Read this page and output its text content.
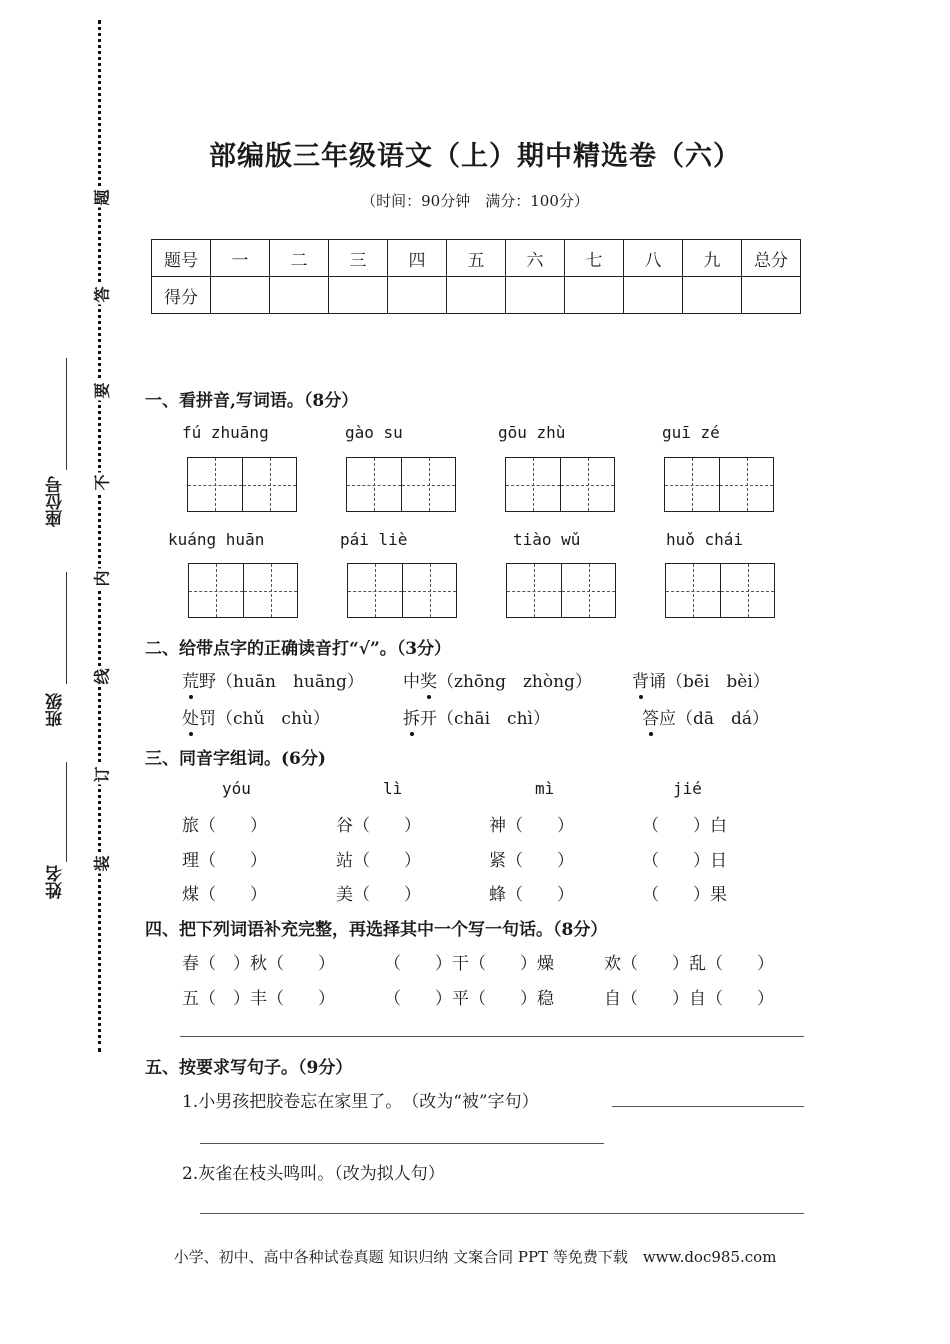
装
订
线
内
不
要
答
题
姓名
班级
座位号
部编版三年级语文（上）期中精选卷（六）
（时间：90分钟　满分：100分）
题号	一	二	三	四	五	六	七	八	九	总分
得分										
一、看拼音,写词语。（8分）
fú zhuāng	gào su	gōu zhù	guī zé
kuáng huān	pái liè	tiào wǔ	huǒ chái
二、给带点字的正确读音打“√”。（3分）
荒野（huān　huāng） 中奖（zhōng　zhòng） 背诵（bēi　bèi）
处罚（chǔ　chù）	拆开（chāi　chì）	答应（dā　dá）
三、同音字组词。(6分)
yóu	lì	mì	jié
旅（　　）	谷（　　）	神（　　）	（　　）白
理（　　）	站（　　）	紧（　　）	（　　）日
煤（　　）	美（　　）	蜂（　　）	（　　）果
四、把下列词语补充完整，再选择其中一个写一句话。（8分）
春（　）秋（　　）	（　　）干（　　）燥	欢（　　）乱（　　）
五（　）丰（　　）	（　　）平（　　）稳	自（　　）自（　　）
五、按要求写句子。（9分）
1.小男孩把胶卷忘在家里了。　（改为“被”字句）
2.灰雀在枝头鸣叫。（改为拟人句）
小学、初中、高中各种试卷真题 知识归纳 文案合同 PPT 等免费下载　www.doc985.com
